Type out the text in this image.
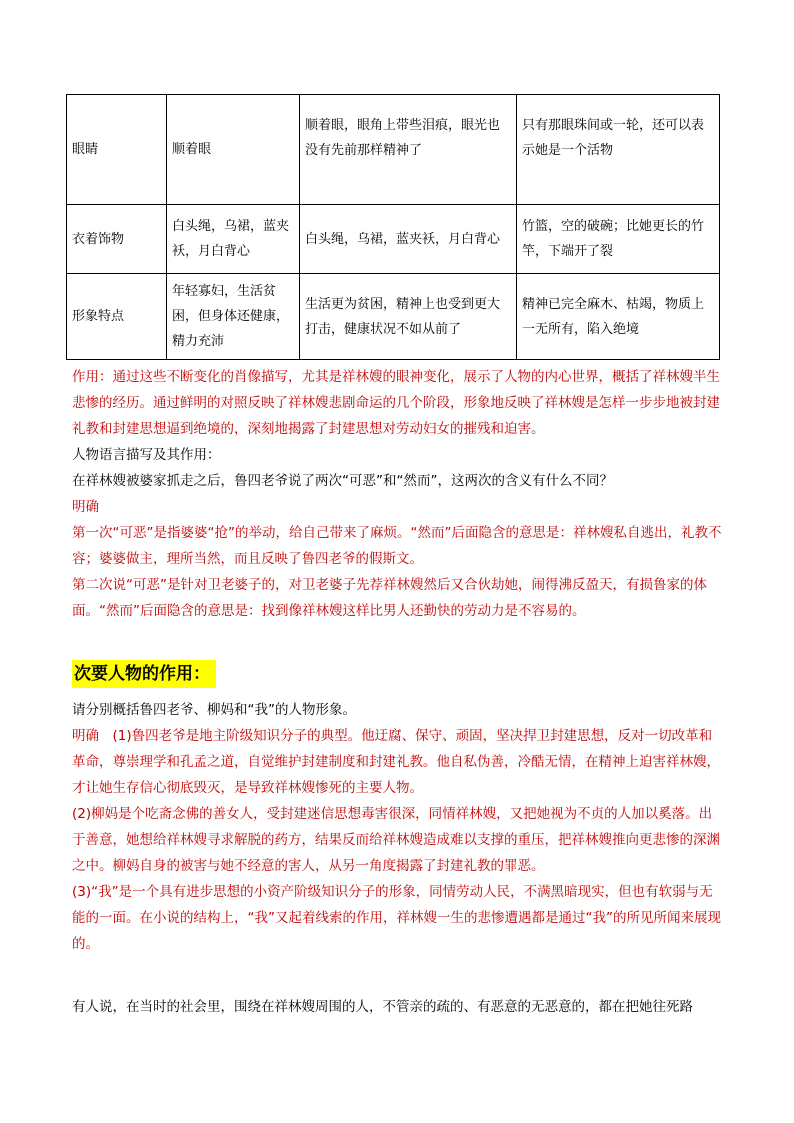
眼睛	顺着眼	顺着眼，眼角上带些泪痕，眼光也没有先前那样精神了	只有那眼珠间或一轮，还可以表示她是一个活物
衣着饰物	白头绳，乌裙，蓝夹袄，月白背心	白头绳，乌裙，蓝夹袄，月白背心	竹篮，空的破碗；比她更长的竹竿，下端开了裂
形象特点	年轻寡妇，生活贫困，但身体还健康，精力充沛	生活更为贫困，精神上也受到更大打击，健康状况不如从前了	精神已完全麻木、枯竭，物质上一无所有，陷入绝境

作用：通过这些不断变化的肖像描写，尤其是祥林嫂的眼神变化，展示了人物的内心世界，概括了祥林嫂半生悲惨的经历。通过鲜明的对照反映了祥林嫂悲剧命运的几个阶段，形象地反映了祥林嫂是怎样一步步地被封建礼教和封建思想逼到绝境的，深刻地揭露了封建思想对劳动妇女的摧残和迫害。

人物语言描写及其作用：

在祥林嫂被婆家抓走之后，鲁四老爷说了两次“可恶”和“然而”，这两次的含义有什么不同？

明确

第一次“可恶”是指婆婆“抢”的举动，给自己带来了麻烦。“然而”后面隐含的意思是：祥林嫂私自逃出，礼教不容；婆婆做主，理所当然，而且反映了鲁四老爷的假斯文。

第二次说“可恶”是针对卫老婆子的，对卫老婆子先荐祥林嫂然后又合伙劫她，闹得沸反盈天，有损鲁家的体面。“然而”后面隐含的意思是：找到像祥林嫂这样比男人还勤快的劳动力是不容易的。

次要人物的作用：

请分别概括鲁四老爷、柳妈和“我”的人物形象。

明确　(1)鲁四老爷是地主阶级知识分子的典型。他迂腐、保守、顽固，坚决捍卫封建思想，反对一切改革和革命，尊崇理学和孔孟之道，自觉维护封建制度和封建礼教。他自私伪善，冷酷无情，在精神上迫害祥林嫂，才让她生存信心彻底毁灭，是导致祥林嫂惨死的主要人物。

(2)柳妈是个吃斋念佛的善女人，受封建迷信思想毒害很深，同情祥林嫂，又把她视为不贞的人加以奚落。出于善意，她想给祥林嫂寻求解脱的药方，结果反而给祥林嫂造成难以支撑的重压，把祥林嫂推向更悲惨的深渊之中。柳妈自身的被害与她不经意的害人，从另一角度揭露了封建礼教的罪恶。

(3)“我”是一个具有进步思想的小资产阶级知识分子的形象，同情劳动人民，不满黑暗现实，但也有软弱与无能的一面。在小说的结构上，“我”又起着线索的作用，祥林嫂一生的悲惨遭遇都是通过“我”的所见所闻来展现的。

有人说，在当时的社会里，围绕在祥林嫂周围的人，不管亲的疏的、有恶意的无恶意的，都在把她往死路
